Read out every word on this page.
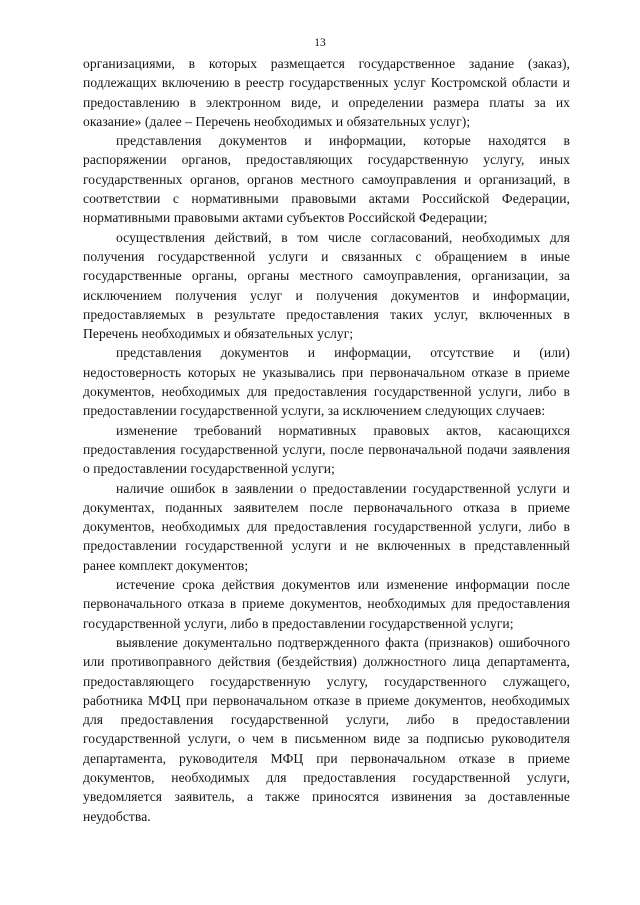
13

организациями, в которых размещается государственное задание (заказ), подлежащих включению в реестр государственных услуг Костромской области и предоставлению в электронном виде, и определении размера платы за их оказание» (далее – Перечень необходимых и обязательных услуг);

представления документов и информации, которые находятся в распоряжении органов, предоставляющих государственную услугу, иных государственных органов, органов местного самоуправления и организаций, в соответствии с нормативными правовыми актами Российской Федерации, нормативными правовыми актами субъектов Российской Федерации;

осуществления действий, в том числе согласований, необходимых для получения государственной услуги и связанных с обращением в иные государственные органы, органы местного самоуправления, организации, за исключением получения услуг и получения документов и информации, предоставляемых в результате предоставления таких услуг, включенных в Перечень необходимых и обязательных услуг;

представления документов и информации, отсутствие и (или) недостоверность которых не указывались при первоначальном отказе в приеме документов, необходимых для предоставления государственной услуги, либо в предоставлении государственной услуги, за исключением следующих случаев:

изменение требований нормативных правовых актов, касающихся предоставления государственной услуги, после первоначальной подачи заявления о предоставлении государственной услуги;

наличие ошибок в заявлении о предоставлении государственной услуги и документах, поданных заявителем после первоначального отказа в приеме документов, необходимых для предоставления государственной услуги, либо в предоставлении государственной услуги и не включенных в представленный ранее комплект документов;

истечение срока действия документов или изменение информации после первоначального отказа в приеме документов, необходимых для предоставления государственной услуги, либо в предоставлении государственной услуги;

выявление документально подтвержденного факта (признаков) ошибочного или противоправного действия (бездействия) должностного лица департамента, предоставляющего государственную услугу, государственного служащего, работника МФЦ при первоначальном отказе в приеме документов, необходимых для предоставления государственной услуги, либо в предоставлении государственной услуги, о чем в письменном виде за подписью руководителя департамента, руководителя МФЦ при первоначальном отказе в приеме документов, необходимых для предоставления государственной услуги, уведомляется заявитель, а также приносятся извинения за доставленные неудобства.
